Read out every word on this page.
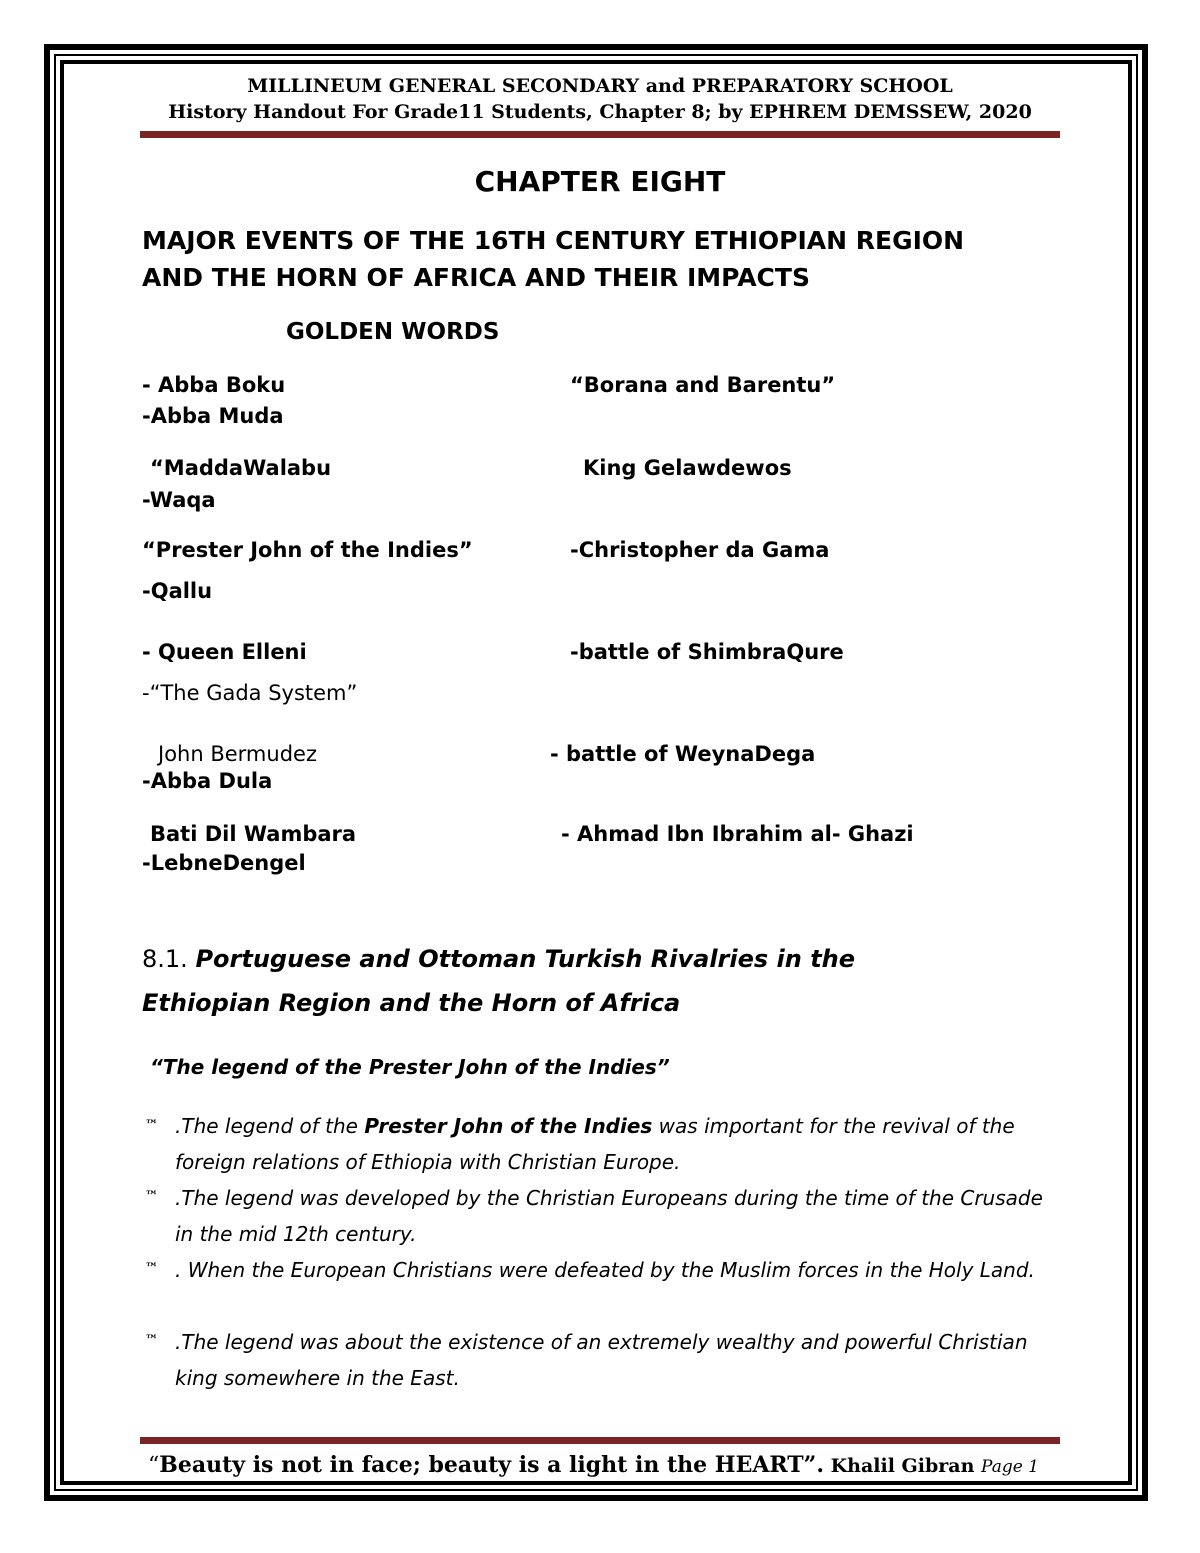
MILLINEUM GENERAL SECONDARY and PREPARATORY SCHOOL
History Handout For Grade11 Students, Chapter 8; by EPHREM DEMSSEW, 2020
CHAPTER EIGHT
MAJOR EVENTS OF THE 16TH CENTURY ETHIOPIAN REGION
AND THE HORN OF AFRICA AND THEIR IMPACTS
GOLDEN WORDS
- Abba Boku	“Borana and Barentu”
-Abba Muda
“MaddaWalabu	King Gelawdewos
-Waqa
“Prester John of the Indies”	-Christopher da Gama
-Qallu
- Queen Elleni	-battle of ShimbraQure
-“The Gada System”
John Bermudez	- battle of WeynaDega
-Abba Dula
Bati Dil Wambara	- Ahmad Ibn Ibrahim al- Ghazi
-LebneDengel
8.1. Portuguese and Ottoman Turkish Rivalries in the
Ethiopian Region and the Horn of Africa
“The legend of the Prester John of the Indies”
™ .The legend of the Prester John of the Indies was important for the revival of the foreign relations of Ethiopia with Christian Europe.
™ .The legend was developed by the Christian Europeans during the time of the Crusade in the mid 12th century.
™ . When the European Christians were defeated by the Muslim forces in the Holy Land.
™ .The legend was about the existence of an extremely wealthy and powerful Christian king somewhere in the East.
“Beauty is not in face; beauty is a light in the HEART”. Khalil Gibran Page 1
